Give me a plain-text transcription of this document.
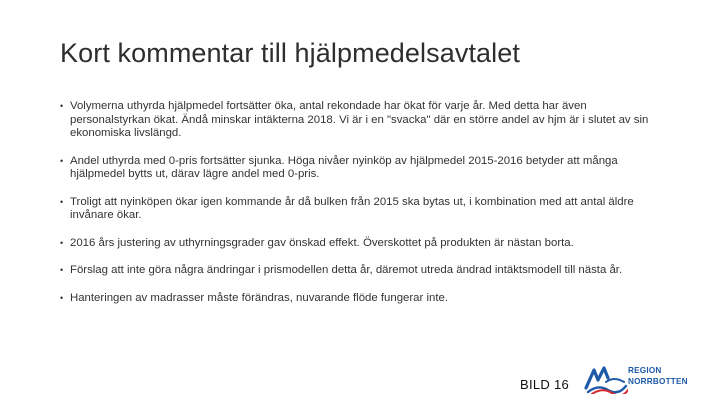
Kort kommentar till hjälpmedelsavtalet
• Volymerna uthyrda hjälpmedel fortsätter öka, antal rekondade har ökat för varje år. Med detta har även personalstyrkan ökat. Ändå minskar intäkterna 2018. Vi är i en "svacka" där en större andel av hjm är i slutet av sin ekonomiska livslängd.
• Andel uthyrda med 0-pris fortsätter sjunka. Höga nivåer nyinköp av hjälpmedel 2015-2016 betyder att många hjälpmedel bytts ut, därav lägre andel med 0-pris.
• Troligt att nyinköpen ökar igen kommande år då bulken från 2015 ska bytas ut, i kombination med att antal äldre invånare ökar.
• 2016 års justering av uthyrningsgrader gav önskad effekt. Överskottet på produkten är nästan borta.
• Förslag att inte göra några ändringar i prismodellen detta år, däremot utreda ändrad intäktsmodell till nästa år.
• Hanteringen av madrasser måste förändras, nuvarande flöde fungerar inte.
BILD 16
REGION
NORRBOTTEN
